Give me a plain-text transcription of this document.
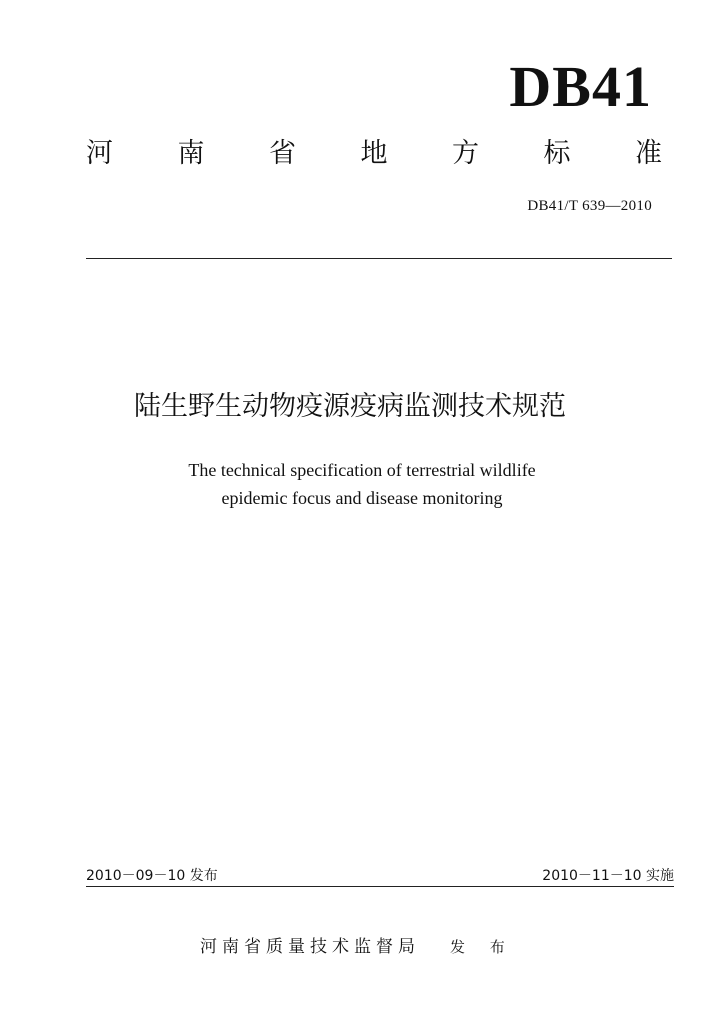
DB41
河 南 省 地 方 标 准
DB41/T 639—2010
陆生野生动物疫源疫病监测技术规范
The technical specification of terrestrial wildlife
epidemic focus and disease monitoring
2010－09－10 发布	2010－11－10 实施
河南省质量技术监督局 发 布
